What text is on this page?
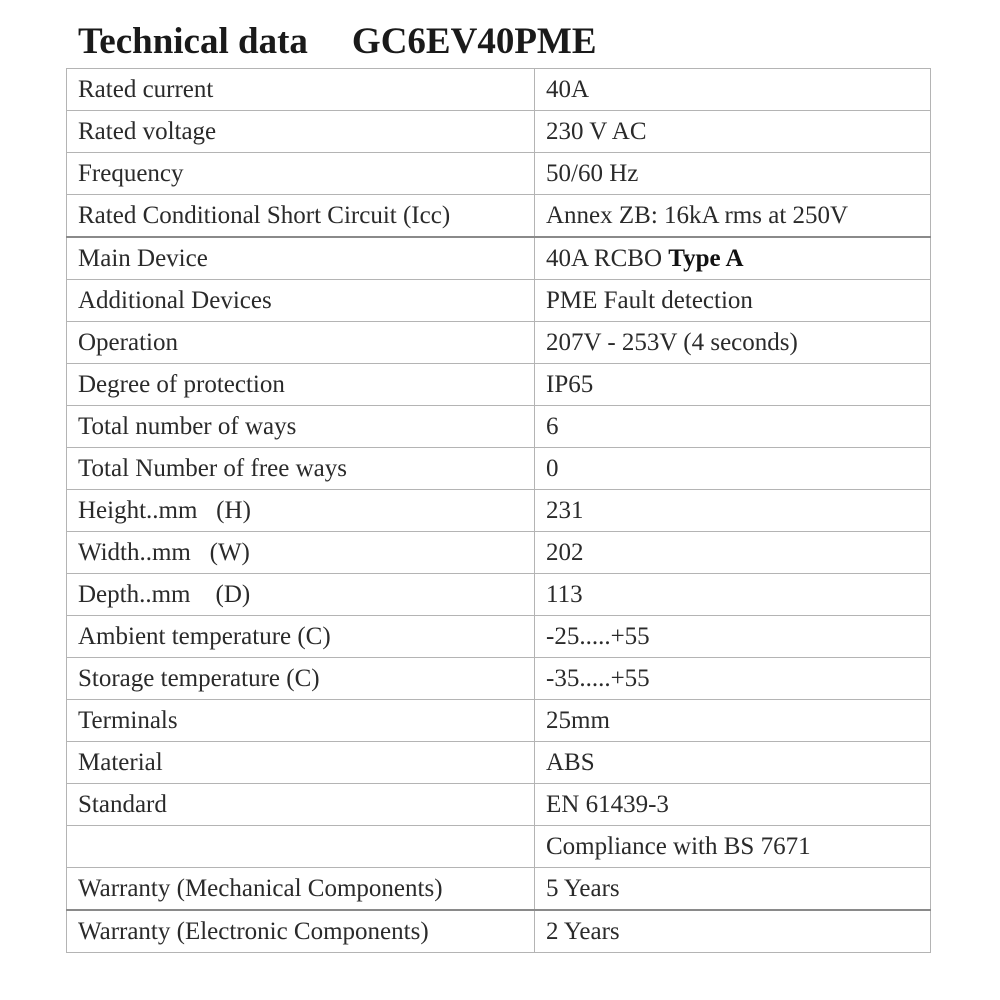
Technical data GC6EV40PME
Rated current	40A
Rated voltage	230 V AC
Frequency	50/60 Hz
Rated Conditional Short Circuit (Icc)	Annex ZB: 16kA rms at 250V
Main Device	40A RCBO Type A
Additional Devices	PME Fault detection
Operation	207V - 253V (4 seconds)
Degree of protection	IP65
Total number of ways	6
Total Number of free ways	0
Height..mm   (H)	231
Width..mm   (W)	202
Depth..mm    (D)	113
Ambient temperature (C)	-25.....+55
Storage temperature (C)	-35.....+55
Terminals	25mm
Material	ABS
Standard	EN 61439-3
	Compliance with BS 7671
Warranty (Mechanical Components)	5 Years
Warranty (Electronic Components)	2 Years
